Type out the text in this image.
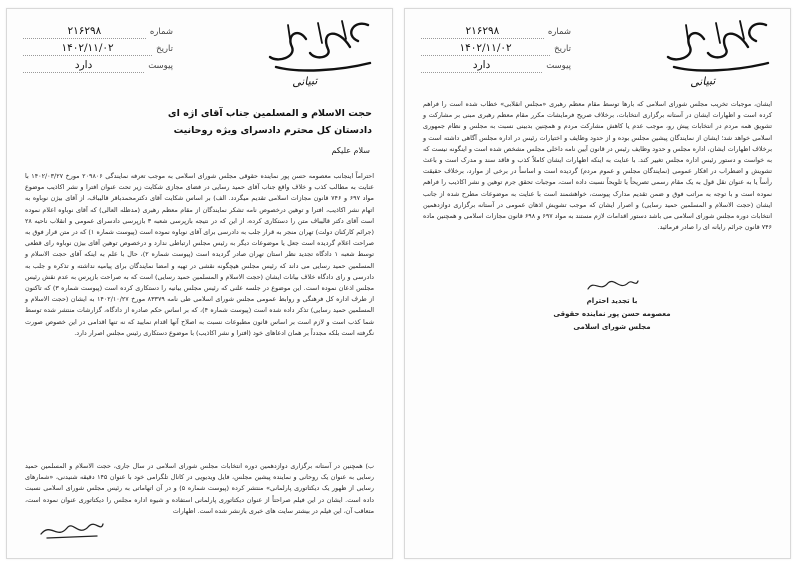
شماره
۲۱۶۲۹۸
تاریخ
۱۴۰۲/۱۱/۰۲
پیوست
دارد
تبیانی
حجت الاسلام و المسلمین جناب آقای اژه ای
دادستان کل محترم دادسرای ویژه روحانیت
سلام علیکم
احتراماً اینجانب معصومه حسن پور نماینده حقوقی مجلس شورای اسلامی به موجب تعرفه نمایندگی ۲۰۹۸۰۶ مورخ ۱۴۰۲/۰۳/۲۷ با عنایت به مطالب کذب و خلاف واقع جناب آقای حمید رسایی در فضای مجازی شکایت زیر تحت عنوان افترا و نشر اکاذیب موضوع مواد ۶۹۷ و ۷۴۶ قانون مجازات اسلامی تقدیم میگردد. الف) بر اساس شکایت آقای دکترمحمدباقر قالیباف، از آقای بیژن نوباوه به اتهام نشر اکاذیب، افترا و توهین درخصوص نامه تشکر نمایندگان از مقام معظم رهبری (مدظله العالی) که آقای نوباوه اعلام نموده است آقای دکتر قالیباف متن را دستکاری کرده، از این که در نتیجه بازپرسی شعبه ۳ بازپرسی دادسرای عمومی و انقلاب ناحیه ۲۸ (جرائم کارکنان دولت) تهران منجر به قرار جلب به دادرسی برای آقای نوباوه نموده است (پیوست شماره ۱) که در متن قرار فوق به صراحت اعلام گردیده است جعل یا موضوعات دیگر به رئیس مجلس ارتباطی ندارد و درخصوص توهین آقای بیژن نوباوه رای قطعی توسط شعبه ۱ دادگاه تجدید نظر استان تهران صادر گردیده است (پیوست شماره ۲)، حال با علم به اینکه آقای حجت الاسلام و المسلمین حمید رسایی می داند که رئیس مجلس هیچگونه نقشی در تهیه و امضا نمایندگان برای پیامیه نداشته و تذکره و جلب به دادرسی و رای دادگاه خلاف بیانات ایشان (حجت الاسلام و المسلمین حمید رسایی) است که به صراحت بازپرس به عدم نقش رئیس مجلس اذعان نموده است. این موضوع در جلسه علنی که رئیس مجلس بیانیه را دستکاری کرده است (پیوست شماره ۳) که تاکنون از طرف اداره کل فرهنگی و روابط عمومی مجلس شورای اسلامی طی نامه ۸۳۳۷۹ مورخ ۱۴۰۲/۱۰/۲۷ به ایشان (حجت الاسلام و المسلمین حمید رسایی) تذکر داده شده است (پیوست شماره ۴)، که بر اساس حکم صادره از دادگاه، گزارشات منتشر شده توسط شما کذب است و لازم است بر اساس قانون مطبوعات نسبت به اصلاح آنها اقدام نمایید که نه تنها اقدامی در این خصوص صورت نگرفته است بلکه مجدداً بر همان ادعاهای خود (افترا و نشر اکاذیب) با موضوع دستکاری رئیس مجلس اصرار دارد.
ب) همچنین در آستانه برگزاری دوازدهمین دوره انتخابات مجلس شورای اسلامی در سال جاری، حجت الاسلام و المسلمین حمید رسایی به عنوان یک روحانی و نماینده پیشین مجلس، فایل ویدیویی در کانال تلگرامی خود با عنوان ۱۴۵ دقیقه شنیدنی، «شمارهای رسایی از ظهور یک دیکتاتوری پارلمانی» منتشر کرده (پیوست شماره ۵) و در آن اتهاماتی به رئیس مجلس شورای اسلامی نسبت داده است. ایشان در این فیلم صراحتاً از عنوان دیکتاتوری پارلمانی استفاده و شیوه اداره مجلس را دیکتاتوری عنوان نموده است، متعاقب آن، این فیلم در بیشتر سایت های خبری بازنشر شده است. اظهارات
شماره
۲۱۶۲۹۸
تاریخ
۱۴۰۲/۱۱/۰۲
پیوست
دارد
تبیانی
ایشان، موجبات تخریب مجلس شورای اسلامی که بارها توسط مقام معظم رهبری «مجلس انقلابی» خطاب شده است را فراهم کرده است و اظهارات ایشان در آستانه برگزاری انتخابات، برخلاف صریح فرمایشات مکرر مقام معظم رهبری مبنی بر مشارکت و تشویق همه مردم در انتخابات پیش رو، موجب عدم یا کاهش مشارکت مردم و همچنین بدبینی نسبت به مجلس و نظام جمهوری اسلامی خواهد شد؛ ایشان از نمایندگان پیشین مجلس بوده و از حدود وظایف و اختیارات رئیس در اداره مجلس آگاهی داشته است و برخلاف اظهارات ایشان، اداره مجلس و حدود وظایف رئیس در قانون آیین نامه داخلی مجلس مشخص شده است و اینگونه نیست که به خواست و دستور رئیس اداره مجلس تغییر کند. با عنایت به اینکه اظهارات ایشان کاملاً کذب و فاقد سند و مدرک است و باعث تشویش و اضطراب در افکار عمومی (نمایندگان مجلس و عموم مردم) گردیده است و اساساً در برخی از موارد، برخلاف حقیقت رأساً یا به عنوان نقل قول به یک مقام رسمی تصریحاً یا تلویحاً نسبت داده است، موجبات تحقق جرم توهین و نشر اکاذیب را فراهم نموده است و با توجه به مراتب فوق و ضمن تقدیم مدارک پیوست، خواهشمند است با عنایت به موضوعات مطرح شده از جانب ایشان (حجت الاسلام و المسلمین حمید رسایی) و اصرار ایشان که موجب تشویش اذهان عمومی در آستانه برگزاری دوازدهمین انتخابات دوره مجلس شورای اسلامی می باشد دستور اقدامات لازم مستند به مواد ۶۹۷ و ۶۹۸ قانون مجازات اسلامی و همچنین ماده ۷۴۶ قانون جرائم رایانه ای را صادر فرمائید.
با تجدید احترام
معصومه حسن پور نماینده حقوقی
مجلس شورای اسلامی
